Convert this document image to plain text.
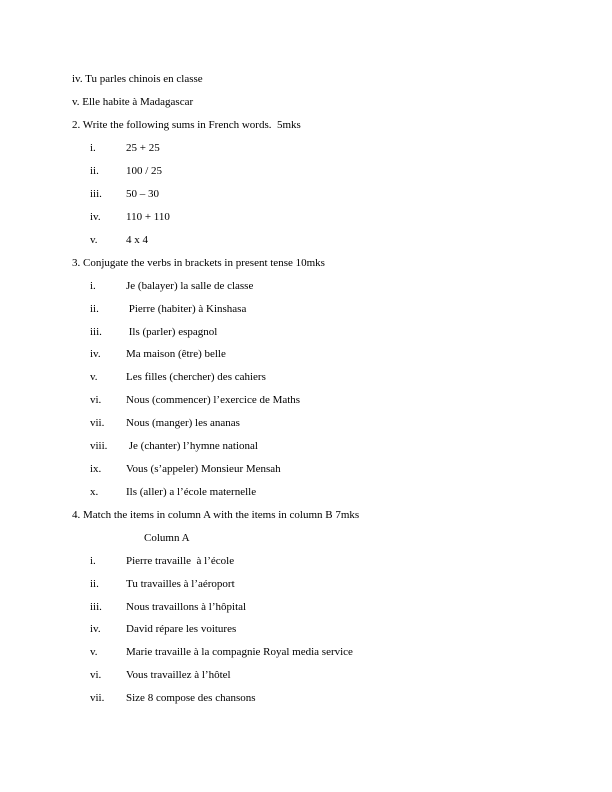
iv. Tu parles chinois en classe
v. Elle habite à Madagascar
2. Write the following sums in French words.  5mks
i.	25 + 25
ii. 100 / 25
iii. 50 – 30
iv. 110 + 110
v.	4 x 4
3. Conjugate the verbs in brackets in present tense 10mks
i.	Je (balayer) la salle de classe
ii. Pierre (habiter) à Kinshasa
iii. Ils (parler) espagnol
iv. Ma maison (être) belle
v.	Les filles (chercher) des cahiers
vi. Nous (commencer) l’exercice de Maths
vii. Nous (manger) les ananas
viii. Je (chanter) l’hymne national
ix. Vous (s’appeler) Monsieur Mensah
x.	Ils (aller) a l’école maternelle
4. Match the items in column A with the items in column B 7mks
Column A
i.	Pierre travaille  à l’école
ii. Tu travailles à l’aéroport
iii. Nous travaillons à l’hôpital
iv. David répare les voitures
v.	Marie travaille à la compagnie Royal media service
vi. Vous travaillez à l’hôtel
vii. Size 8 compose des chansons
